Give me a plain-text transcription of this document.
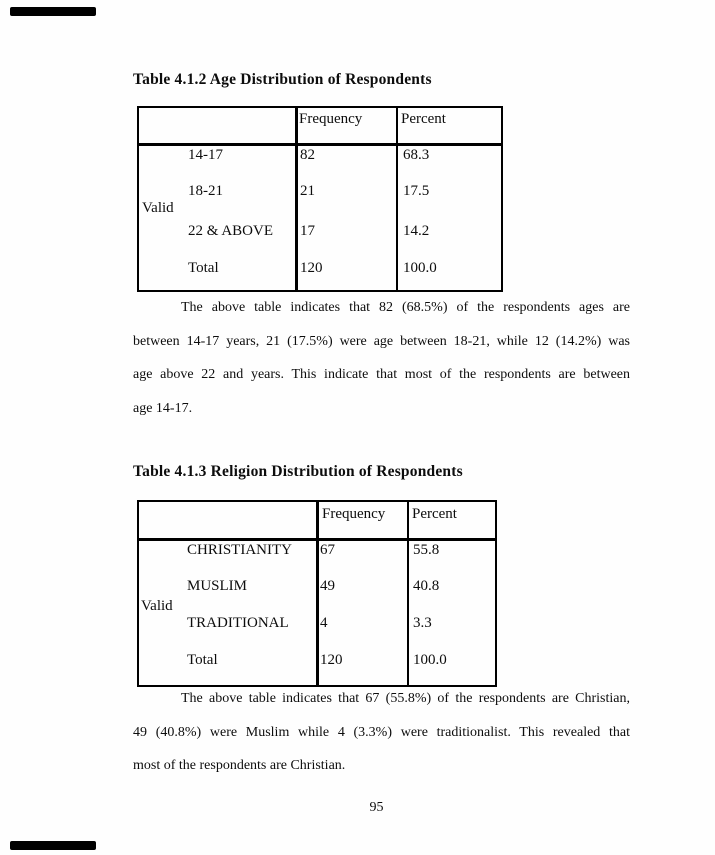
Table 4.1.2 Age Distribution of Respondents
Frequency	Percent
Valid
14-17	82	68.3
18-21	21	17.5
22 & ABOVE 17	14.2
Total	120	100.0
The above table indicates that 82 (68.5%) of the respondents ages are
between 14-17 years, 21 (17.5%) were age between 18-21, while 12 (14.2%) was
age above 22 and years. This indicate that most of the respondents are between
age 14-17.
Table 4.1.3 Religion Distribution of Respondents
Frequency Percent
Valid
CHRISTIANITY 67	55.8
MUSLIM	49	40.8
TRADITIONAL 4	3.3
Total	120	100.0
The above table indicates that 67 (55.8%) of the respondents are Christian,
49 (40.8%) were Muslim while 4 (3.3%) were traditionalist. This revealed that
most of the respondents are Christian.
95
